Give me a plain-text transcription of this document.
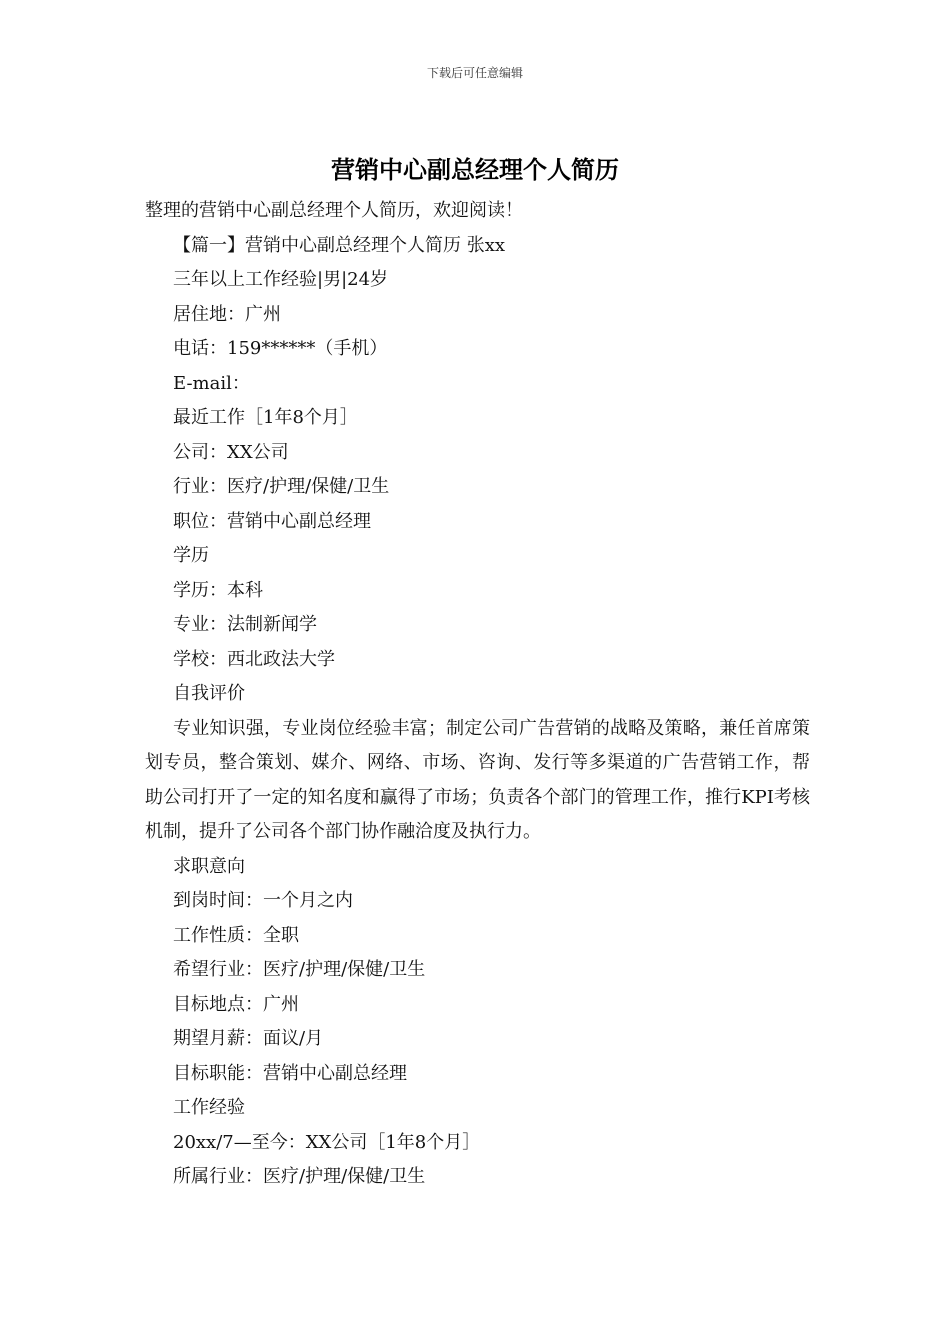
下载后可任意编辑
营销中心副总经理个人简历

整理的营销中心副总经理个人简历，欢迎阅读！

【篇一】营销中心副总经理个人简历 张xx

三年以上工作经验|男|24岁

居住地：广州

电话：159******（手机）

E-mail：

最近工作［1年8个月］

公司：XX公司

行业：医疗/护理/保健/卫生

职位：营销中心副总经理

学历

学历：本科

专业：法制新闻学

学校：西北政法大学

自我评价

专业知识强，专业岗位经验丰富；制定公司广告营销的战略及策略，兼任首席策划专员，整合策划、媒介、网络、市场、咨询、发行等多渠道的广告营销工作，帮助公司打开了一定的知名度和赢得了市场；负责各个部门的管理工作，推行KPI考核机制，提升了公司各个部门协作融洽度及执行力。

求职意向

到岗时间：一个月之内

工作性质：全职

希望行业：医疗/护理/保健/卫生

目标地点：广州

期望月薪：面议/月

目标职能：营销中心副总经理

工作经验

20xx/7—至今：XX公司［1年8个月］

所属行业：医疗/护理/保健/卫生
